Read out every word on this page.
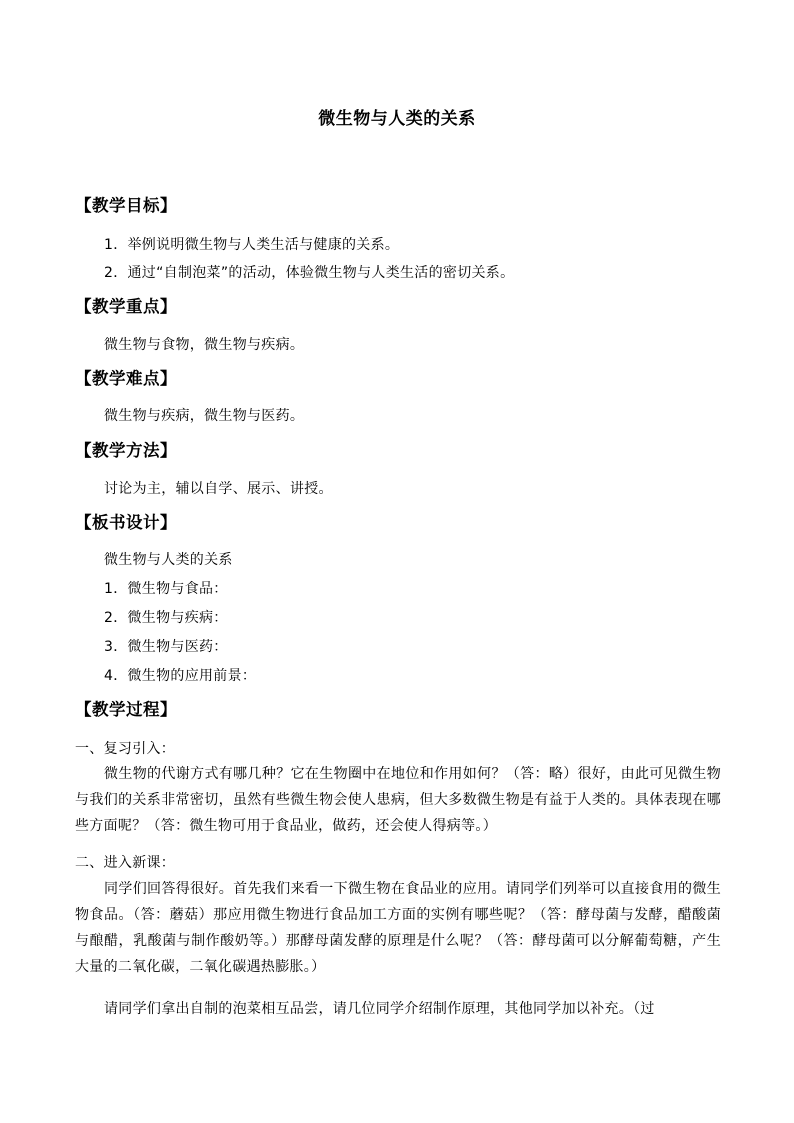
微生物与人类的关系
【教学目标】
1．举例说明微生物与人类生活与健康的关系。
2．通过“自制泡菜”的活动，体验微生物与人类生活的密切关系。
【教学重点】
微生物与食物，微生物与疾病。
【教学难点】
微生物与疾病，微生物与医药。
【教学方法】
讨论为主，辅以自学、展示、讲授。
【板书设计】
微生物与人类的关系
1．微生物与食品：
2．微生物与疾病：
3．微生物与医药：
4．微生物的应用前景：
【教学过程】
一、复习引入：
微生物的代谢方式有哪几种？它在生物圈中在地位和作用如何？（答：略）很好，由此可见微生物与我们的关系非常密切，虽然有些微生物会使人患病，但大多数微生物是有益于人类的。具体表现在哪些方面呢？（答：微生物可用于食品业，做药，还会使人得病等。）
二、进入新课：
同学们回答得很好。首先我们来看一下微生物在食品业的应用。请同学们列举可以直接食用的微生物食品。（答：蘑菇）那应用微生物进行食品加工方面的实例有哪些呢？（答：酵母菌与发酵，醋酸菌与酿醋，乳酸菌与制作酸奶等。）那酵母菌发酵的原理是什么呢？（答：酵母菌可以分解葡萄糖，产生大量的二氧化碳，二氧化碳遇热膨胀。）
请同学们拿出自制的泡菜相互品尝，请几位同学介绍制作原理，其他同学加以补充。（过
